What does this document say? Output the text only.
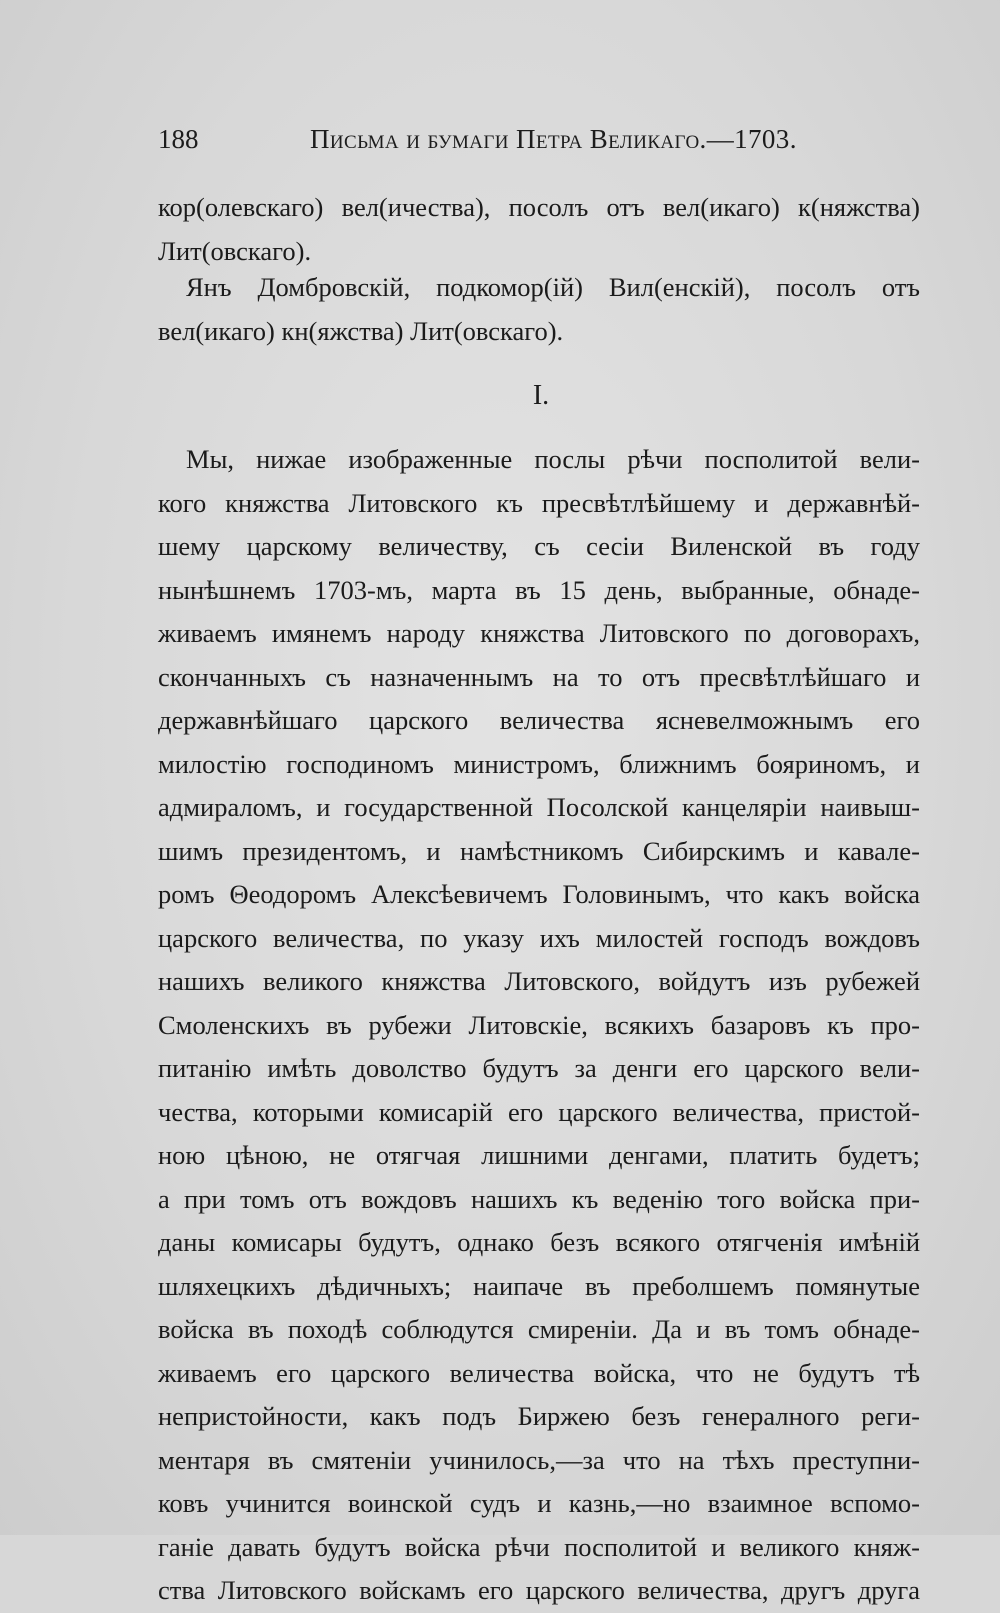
188	Письма и бумаги Петра Великаго.—1703.
кор(олевскаго) вел(ичества), посолъ отъ вел(икаго) к(няжства)
Лит(овскаго).
Янъ Домбровскій, подкомор(ій) Вил(енскій), посолъ отъ
вел(икаго) кн(яжства) Лит(овскаго).
I.
Мы, нижае изображенные послы рѣчи посполитой вели-
кого княжства Литовского къ пресвѣтлѣйшему и державнѣй-
шему царскому величеству, съ сесіи Виленской въ году
нынѣшнемъ 1703-мъ, марта въ 15 день, выбранные, обнаде-
живаемъ имянемъ народу княжства Литовского по договорахъ,
скончанныхъ съ назначеннымъ на то отъ пресвѣтлѣйшаго и
державнѣйшаго царского величества ясневелможнымъ его
милостію господиномъ министромъ, ближнимъ бояриномъ, и
адмираломъ, и государственной Посолской канцеляріи наивыш-
шимъ президентомъ, и намѣстникомъ Сибирскимъ и кавале-
ромъ Θеодоромъ Алексѣевичемъ Головинымъ, что какъ войска
царского величества, по указу ихъ милостей господъ вождовъ
нашихъ великого княжства Литовского, войдутъ изъ рубежей
Смоленскихъ въ рубежи Литовскіе, всякихъ базаровъ къ про-
питанію имѣть доволство будутъ за денги его царского вели-
чества, которыми комисарій его царского величества, пристой-
ною цѣною, не отягчая лишними денгами, платить будетъ;
а при томъ отъ вождовъ нашихъ къ веденію того войска при-
даны комисары будутъ, однако безъ всякого отягченія имѣній
шляхецкихъ дѣдичныхъ; наипаче въ преболшемъ помянутые
войска въ походѣ соблюдутся смиреніи. Да и въ томъ обнаде-
живаемъ его царского величества войска, что не будутъ тѣ
непристойности, какъ подъ Биржею безъ генералного реги-
ментаря въ смятеніи учинилось,—за что на тѣхъ преступни-
ковъ учинится воинской судъ и казнь,—но взаимное вспомо-
ганіе давать будутъ войска рѣчи посполитой и великого княж-
ства Литовского войскамъ его царского величества, другъ друга
